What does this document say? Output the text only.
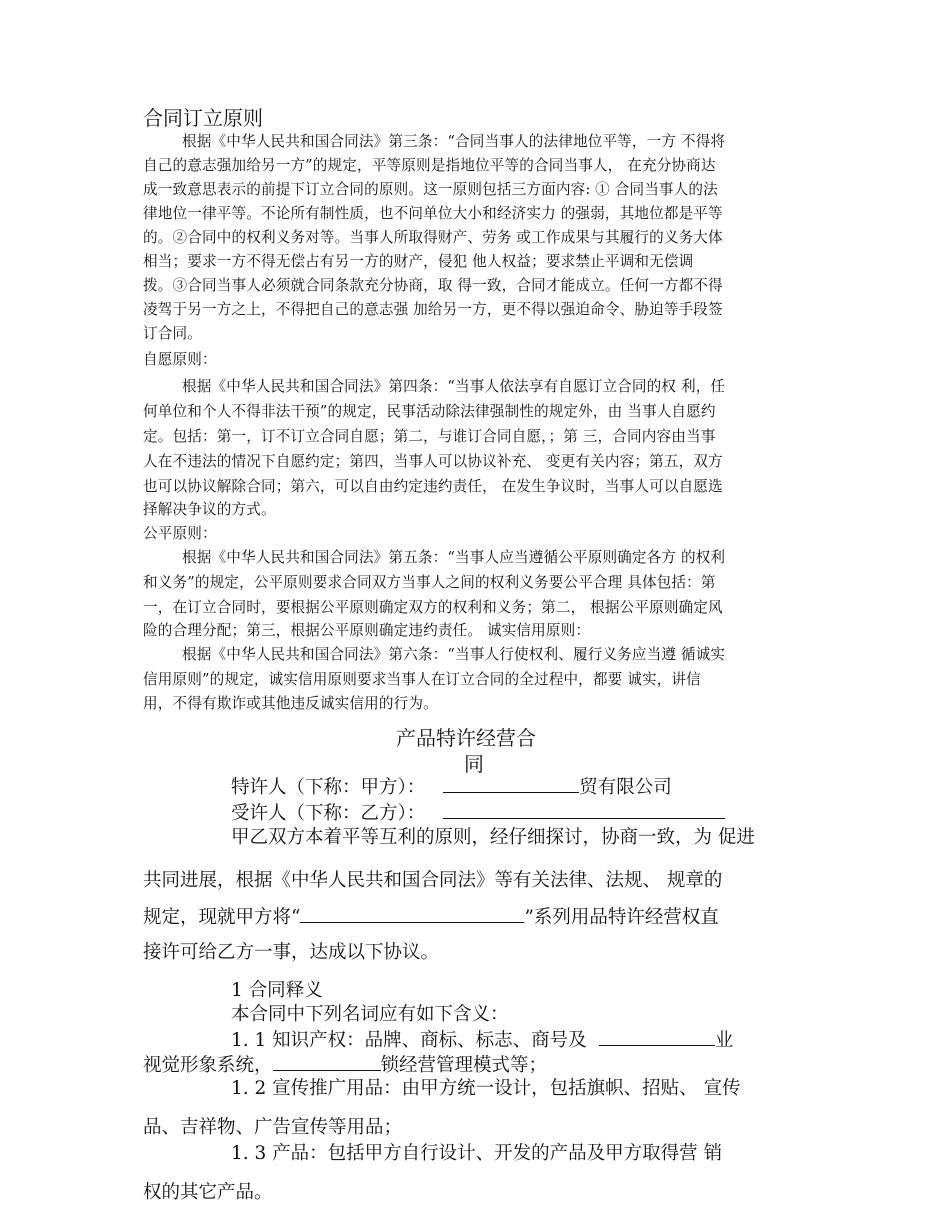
合同订立原则
根据《中华人民共和国合同法》第三条：“合同当事人的法律地位平等，一方 不得将
自己的意志强加给另一方”的规定，平等原则是指地位平等的合同当事人， 在充分协商达
成一致意思表示的前提下订立合同的原则。这一原则包括三方面内容: ① 合同当事人的法
律地位一律平等。不论所有制性质，也不问单位大小和经济实力 的强弱，其地位都是平等
的。②合同中的权利义务对等。当事人所取得财产、劳务 或工作成果与其履行的义务大体
相当；要求一方不得无偿占有另一方的财产，侵犯 他人权益；要求禁止平调和无偿调
拨。③合同当事人必须就合同条款充分协商，取 得一致，合同才能成立。任何一方都不得
凌驾于另一方之上，不得把自己的意志强 加给另一方，更不得以强迫命令、胁迫等手段签
订合同。
自愿原则：
根据《中华人民共和国合同法》第四条：“当事人依法享有自愿订立合同的权 利，任
何单位和个人不得非法干预”的规定，民事活动除法律强制性的规定外，由 当事人自愿约
定。包括：第一，订不订立合同自愿；第二，与谁订合同自愿，；第 三，合同内容由当事
人在不违法的情况下自愿约定；第四，当事人可以协议补充、 变更有关内容；第五，双方
也可以协议解除合同；第六，可以自由约定违约责任， 在发生争议时，当事人可以自愿选
择解决争议的方式。
公平原则：
根据《中华人民共和国合同法》第五条：“当事人应当遵循公平原则确定各方 的权利
和义务”的规定，公平原则要求合同双方当事人之间的权利义务要公平合理 具体包括：第
一，在订立合同时，要根据公平原则确定双方的权利和义务；第二， 根据公平原则确定风
险的合理分配；第三，根据公平原则确定违约责任。 诚实信用原则：
根据《中华人民共和国合同法》第六条：“当事人行使权利、履行义务应当遵 循诚实
信用原则”的规定，诚实信用原则要求当事人在订立合同的全过程中，都要 诚实，讲信
用，不得有欺诈或其他违反诚实信用的行为。
产品特许经营合
同
特许人（下称：甲方）：	贸有限公司
受许人（下称：乙方）：
甲乙双方本着平等互利的原则，经仔细探讨，协商一致，为 促进
共同进展，根据《中华人民共和国合同法》等有关法律、法规、 规章的
规定，现就甲方将“	”系列用品特许经营权直
接许可给乙方一事，达成以下协议。
1 合同释义
本合同中下列名词应有如下含义：
1. 1 知识产权：品牌、商标、标志、商号及	业
视觉形象系统，	锁经营管理模式等；
1. 2 宣传推广用品：由甲方统一设计，包括旗帜、招贴、 宣传
品、吉祥物、广告宣传等用品；
1. 3 产品：包括甲方自行设计、开发的产品及甲方取得营 销
权的其它产品。
